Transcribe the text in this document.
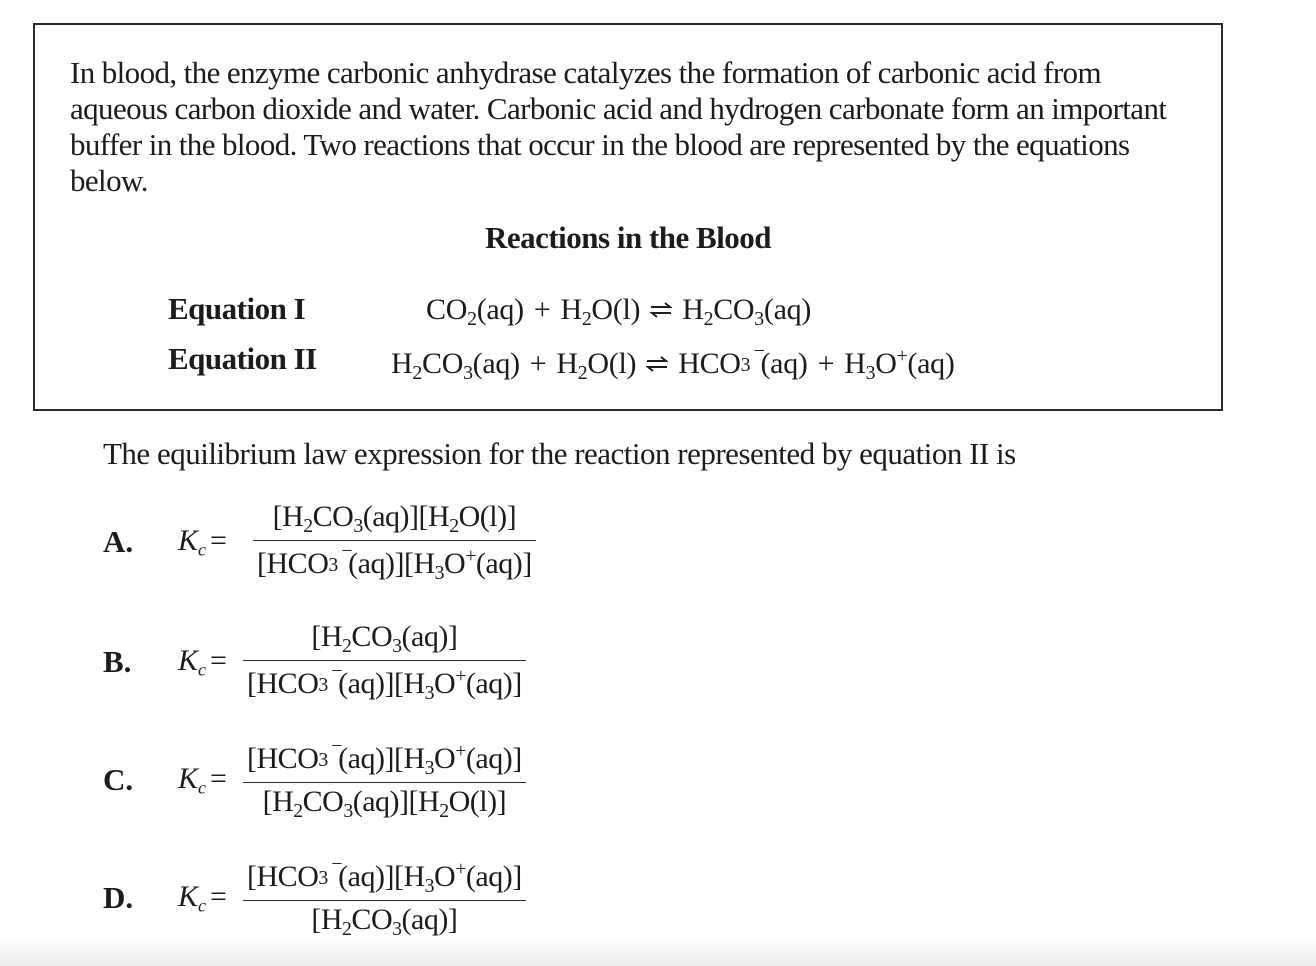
In blood, the enzyme carbonic anhydrase catalyzes the formation of carbonic acid from aqueous carbon dioxide and water. Carbonic acid and hydrogen carbonate form an important buffer in the blood. Two reactions that occur in the blood are represented by the equations below.

Reactions in the Blood
Equation I	$CO_2(aq) + H_2O(l)$ ⇌ $H_2CO_3(aq)$
Equation II $H_2CO_3(aq) + H_2O(l)$ ⇌ HCO 3
−
$(aq) + H_3O^+(aq)$

The equilibrium law expression for the reaction represented by equation II is

A. Kc =
$[H_2CO_3(aq)][H_2O(l)]$
[HCO 3
−
$(aq)][H_3O^+(aq)]$
B. Kc =
$[H_2CO_3(aq)]$
[HCO 3
−
$(aq)][H_3O^+(aq)]$
C. Kc =
[HCO 3
−
$(aq)][H_3O^+(aq)]$
$[H_2CO_3(aq)][H_2O(l)]$
D. Kc =
[HCO 3
−
$(aq)][H_3O^+(aq)]$
$[H_2CO_3(aq)]$
